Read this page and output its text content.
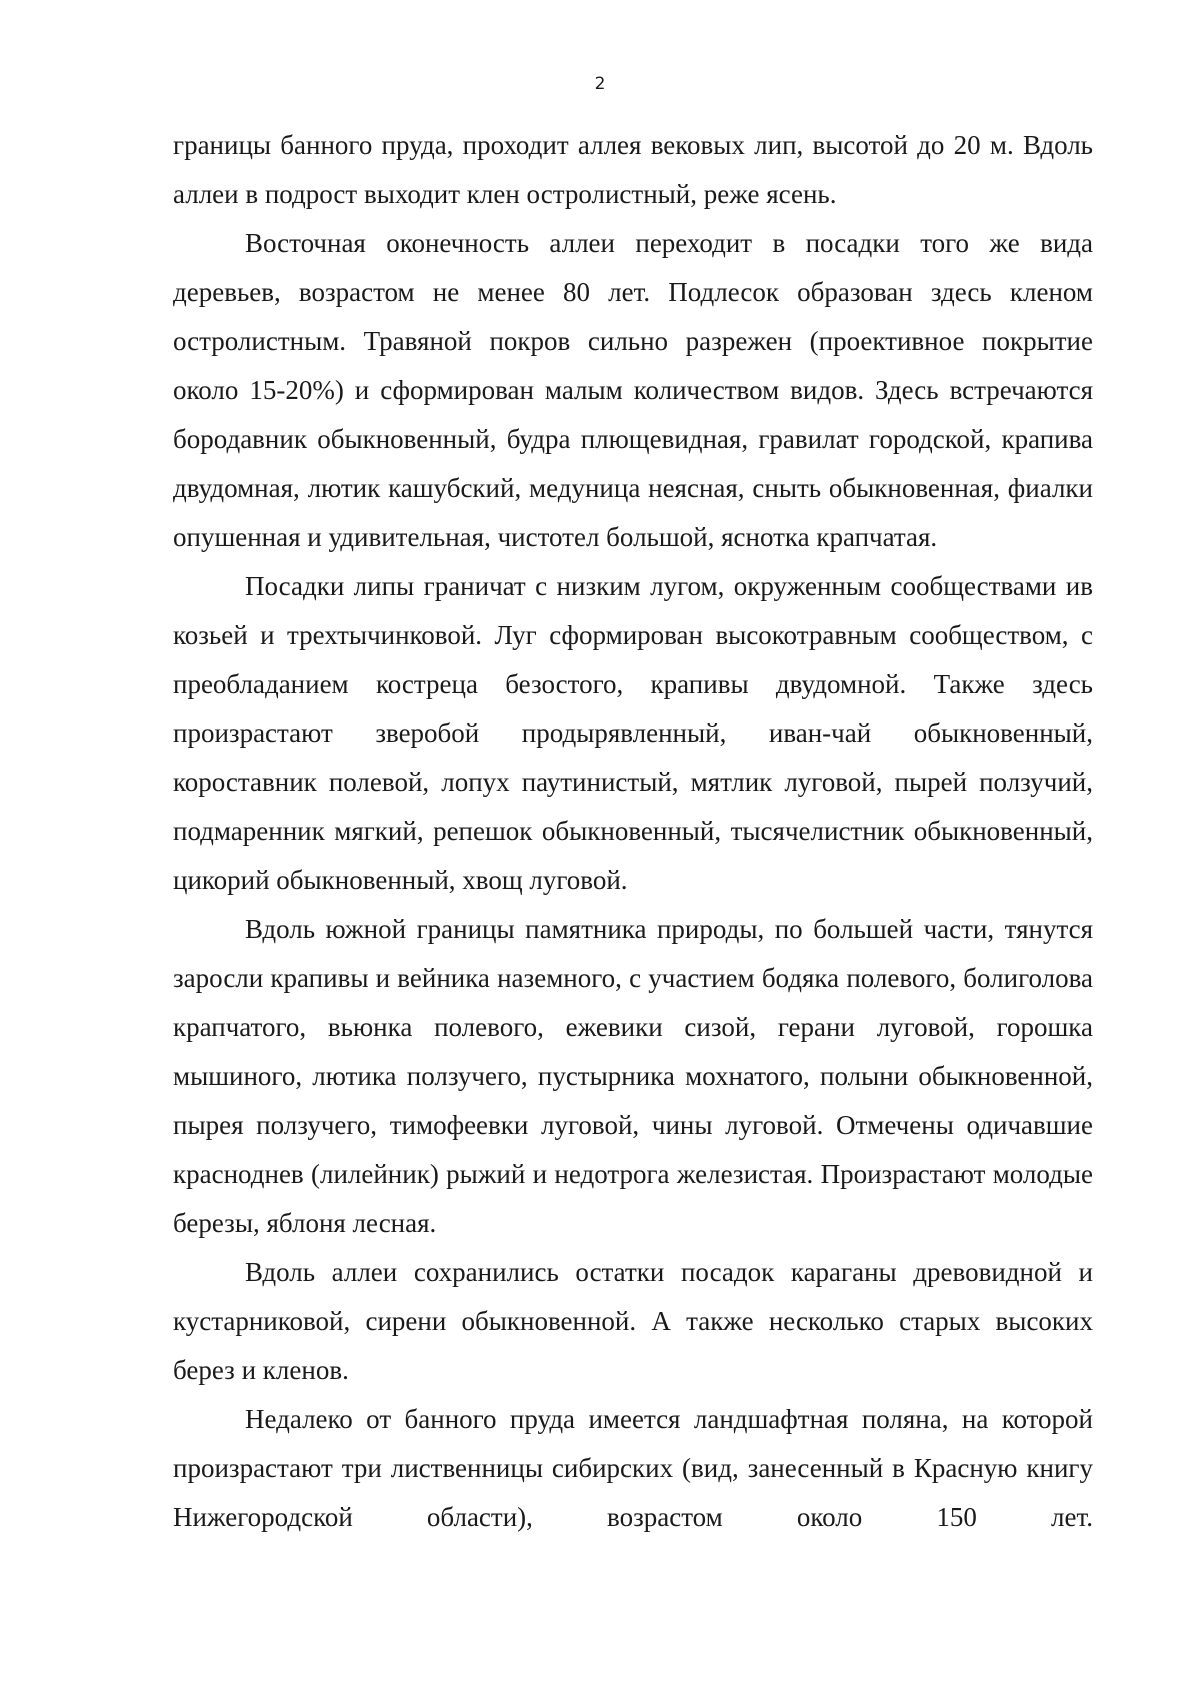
2

границы банного пруда, проходит аллея вековых лип, высотой до 20 м. Вдоль аллеи в подрост выходит клен остролистный, реже ясень.

Восточная оконечность аллеи переходит в посадки того же вида деревьев, возрастом не менее 80 лет. Подлесок образован здесь кленом остролистным. Травяной покров сильно разрежен (проективное покрытие около 15-20%) и сформирован малым количеством видов. Здесь встречаются бородавник обыкновенный, будра плющевидная, гравилат городской, крапива двудомная, лютик кашубский, медуница неясная, сныть обыкновенная, фиалки опушенная и удивительная, чистотел большой, яснотка крапчатая.

Посадки липы граничат с низким лугом, окруженным сообществами ив козьей и трехтычинковой. Луг сформирован высокотравным сообществом, с преобладанием костреца безостого, крапивы двудомной. Также здесь произрастают зверобой продырявленный, иван-чай обыкновенный, короставник полевой, лопух паутинистый, мятлик луговой, пырей ползучий, подмаренник мягкий, репешок обыкновенный, тысячелистник обыкновенный, цикорий обыкновенный, хвощ луговой.

Вдоль южной границы памятника природы, по большей части, тянутся заросли крапивы и вейника наземного, с участием бодяка полевого, болиголова крапчатого, вьюнка полевого, ежевики сизой, герани луговой, горошка мышиного, лютика ползучего, пустырника мохнатого, полыни обыкновенной, пырея ползучего, тимофеевки луговой, чины луговой. Отмечены одичавшие красноднев (лилейник) рыжий и недотрога железистая. Произрастают молодые березы, яблоня лесная.

Вдоль аллеи сохранились остатки посадок караганы древовидной и кустарниковой, сирени обыкновенной. А также несколько старых высоких берез и кленов.

Недалеко от банного пруда имеется ландшафтная поляна, на которой произрастают три лиственницы сибирских (вид, занесенный в Красную книгу Нижегородской области), возрастом около 150 лет.
